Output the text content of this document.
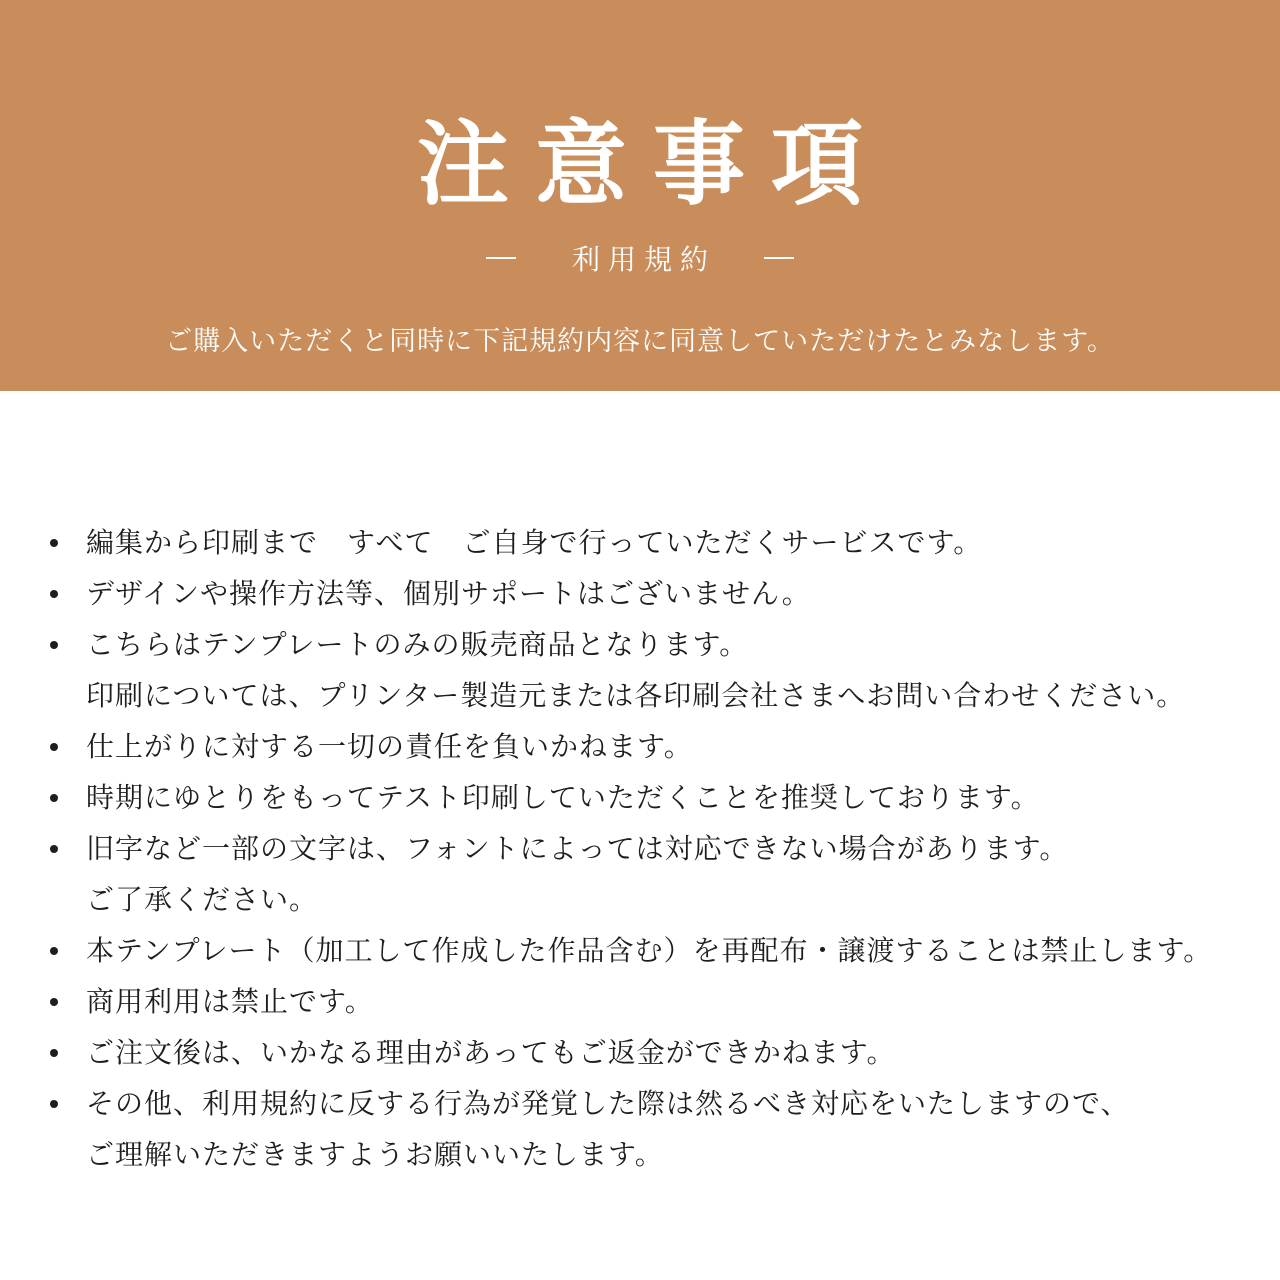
注意事項
利用規約
ご購入いただくと同時に下記規約内容に同意していただけたとみなします。
編集から印刷まで　すべて　ご自身で行っていただくサービスです。
デザインや操作方法等、個別サポートはございません。
こちらはテンプレートのみの販売商品となります。
印刷については、プリンター製造元または各印刷会社さまへお問い合わせください。
仕上がりに対する一切の責任を負いかねます。
時期にゆとりをもってテスト印刷していただくことを推奨しております。
旧字など一部の文字は、フォントによっては対応できない場合があります。
ご了承ください。
本テンプレート（加工して作成した作品含む）を再配布・譲渡することは禁止します。
商用利用は禁止です。
ご注文後は、いかなる理由があってもご返金ができかねます。
その他、利用規約に反する行為が発覚した際は然るべき対応をいたしますので、
ご理解いただきますようお願いいたします。
